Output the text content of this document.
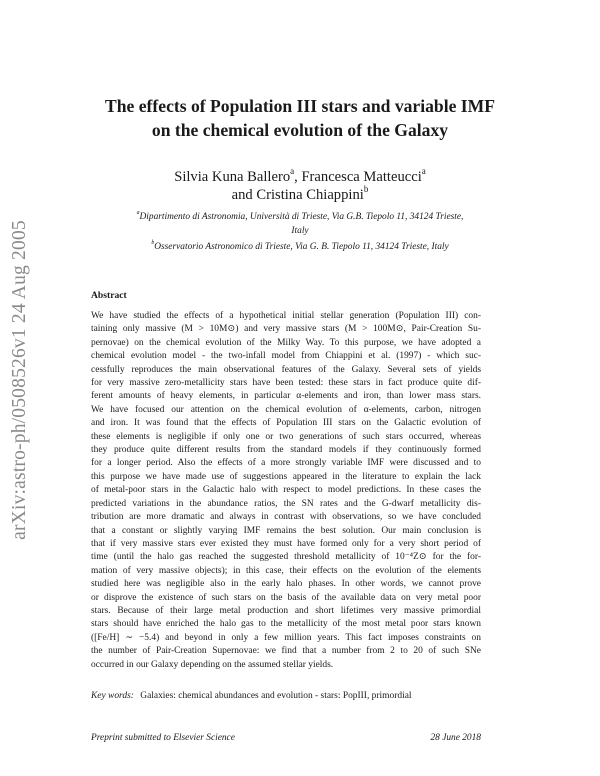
arXiv:astro-ph/0508526v1 24 Aug 2005
The effects of Population III stars and variable IMF
on the chemical evolution of the Galaxy
Silvia Kuna Ballero$^a$, Francesca Matteucci$^a$
and Cristina Chiappini$^b$
$^a$Dipartimento di Astronomia, Università di Trieste, Via G.B. Tiepolo 11, 34124 Trieste,
Italy
$^b$Osservatorio Astronomico di Trieste, Via G. B. Tiepolo 11, 34124 Trieste, Italy
Abstract
We have studied the effects of a hypothetical initial stellar generation (Population III) con-
taining only massive (M > 10M⊙) and very massive stars (M > 100M⊙, Pair-Creation Su-
pernovae) on the chemical evolution of the Milky Way. To this purpose, we have adopted a
chemical evolution model - the two-infall model from Chiappini et al. (1997) - which suc-
cessfully reproduces the main observational features of the Galaxy. Several sets of yields
for very massive zero-metallicity stars have been tested: these stars in fact produce quite dif-
ferent amounts of heavy elements, in particular α-elements and iron, than lower mass stars.
We have focused our attention on the chemical evolution of α-elements, carbon, nitrogen
and iron. It was found that the effects of Population III stars on the Galactic evolution of
these elements is negligible if only one or two generations of such stars occurred, whereas
they produce quite different results from the standard models if they continuously formed
for a longer period. Also the effects of a more strongly variable IMF were discussed and to
this purpose we have made use of suggestions appeared in the literature to explain the lack
of metal-poor stars in the Galactic halo with respect to model predictions. In these cases the
predicted variations in the abundance ratios, the SN rates and the G-dwarf metallicity dis-
tribution are more dramatic and always in contrast with observations, so we have concluded
that a constant or slightly varying IMF remains the best solution. Our main conclusion is
that if very massive stars ever existed they must have formed only for a very short period of
time (until the halo gas reached the suggested threshold metallicity of 10⁻⁴Z⊙ for the for-
mation of very massive objects); in this case, their effects on the evolution of the elements
studied here was negligible also in the early halo phases. In other words, we cannot prove
or disprove the existence of such stars on the basis of the available data on very metal poor
stars. Because of their large metal production and short lifetimes very massive primordial
stars should have enriched the halo gas to the metallicity of the most metal poor stars known
([Fe/H] ∼ −5.4) and beyond in only a few million years. This fact imposes constraints on
the number of Pair-Creation Supernovae: we find that a number from 2 to 20 of such SNe
occurred in our Galaxy depending on the assumed stellar yields.
Key words: Galaxies: chemical abundances and evolution - stars: PopIII, primordial
Preprint submitted to Elsevier Science	28 June 2018
